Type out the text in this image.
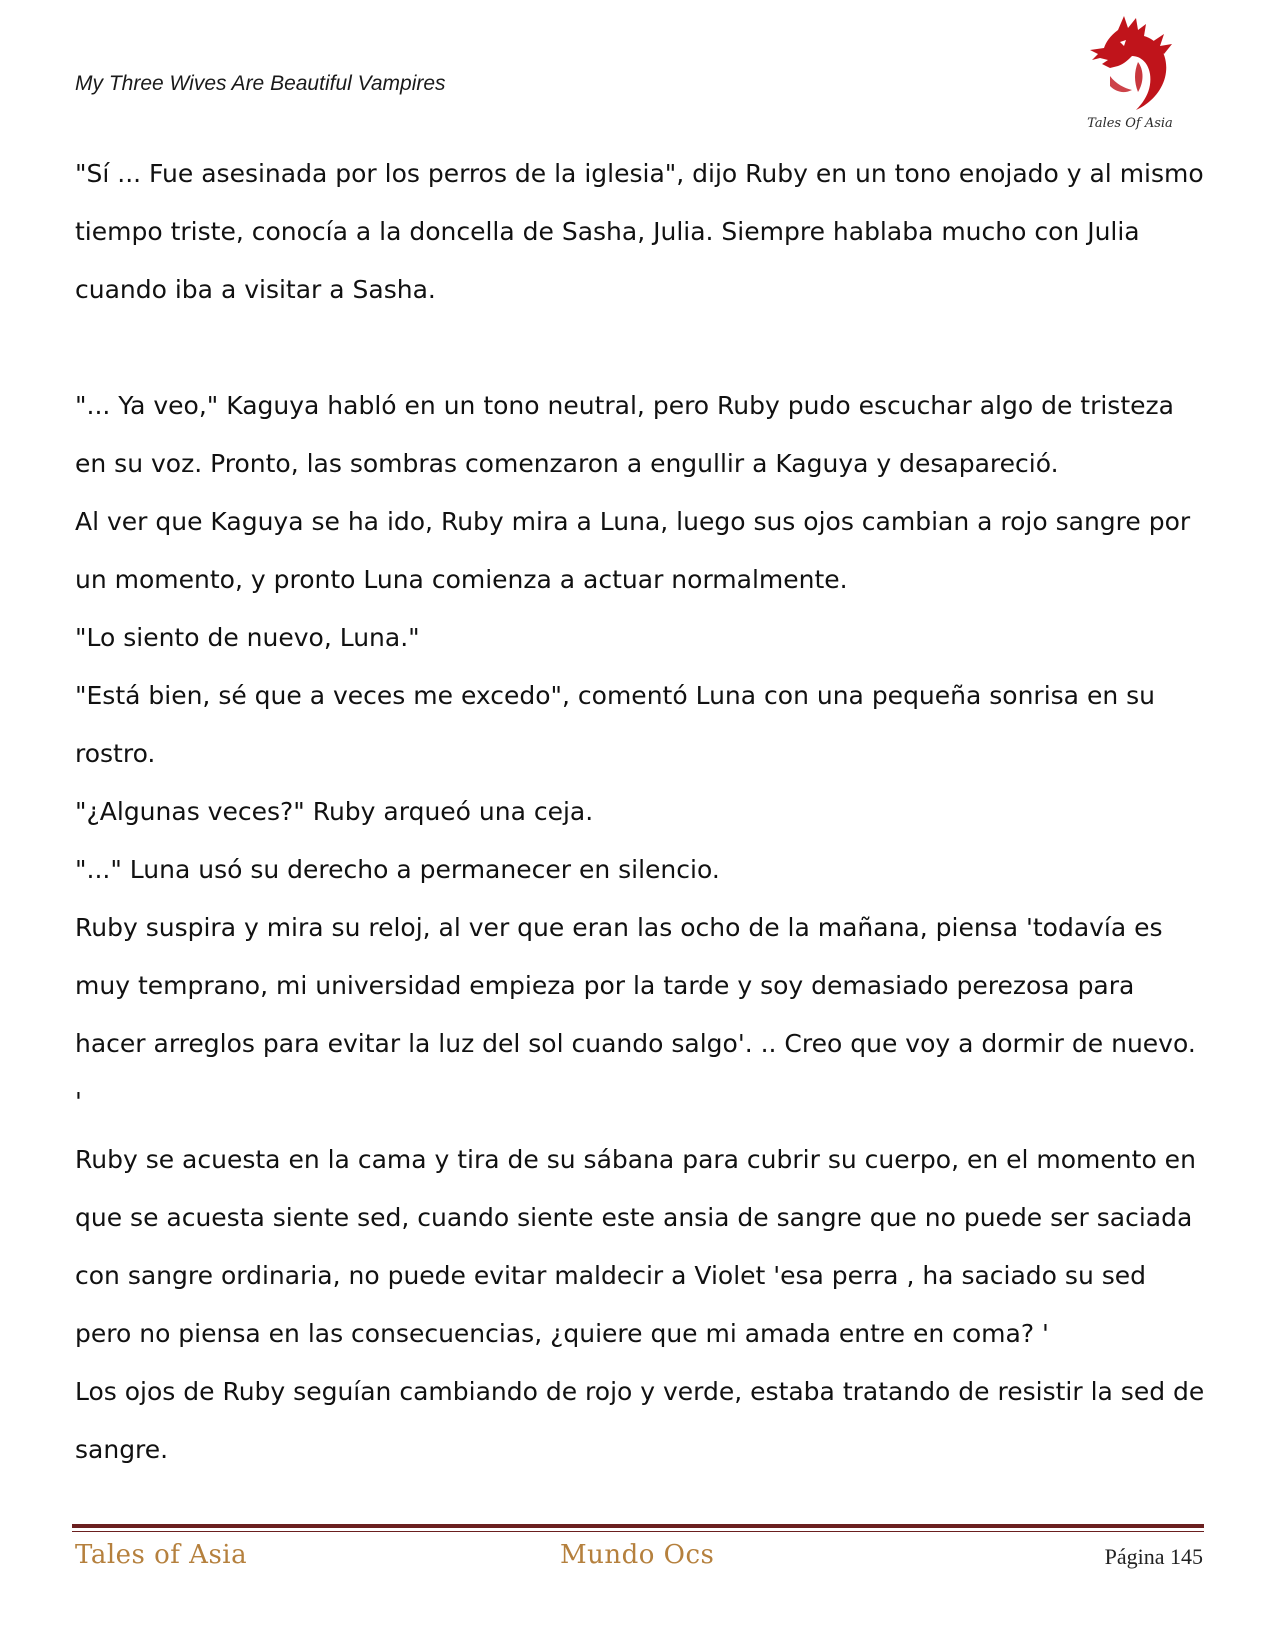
My Three Wives Are Beautiful Vampires
Tales Of Asia

"Sí ... Fue asesinada por los perros de la iglesia", dijo Ruby en un tono enojado y al mismo tiempo triste, conocía a la doncella de Sasha, Julia. Siempre hablaba mucho con Julia cuando iba a visitar a Sasha.

"... Ya veo," Kaguya habló en un tono neutral, pero Ruby pudo escuchar algo de tristeza en su voz. Pronto, las sombras comenzaron a engullir a Kaguya y desapareció.

Al ver que Kaguya se ha ido, Ruby mira a Luna, luego sus ojos cambian a rojo sangre por un momento, y pronto Luna comienza a actuar normalmente.

"Lo siento de nuevo, Luna."

"Está bien, sé que a veces me excedo", comentó Luna con una pequeña sonrisa en su rostro.

"¿Algunas veces?" Ruby arqueó una ceja.

"..." Luna usó su derecho a permanecer en silencio.

Ruby suspira y mira su reloj, al ver que eran las ocho de la mañana, piensa 'todavía es muy temprano, mi universidad empieza por la tarde y soy demasiado perezosa para hacer arreglos para evitar la luz del sol cuando salgo'. .. Creo que voy a dormir de nuevo. '

Ruby se acuesta en la cama y tira de su sábana para cubrir su cuerpo, en el momento en que se acuesta siente sed, cuando siente este ansia de sangre que no puede ser saciada con sangre ordinaria, no puede evitar maldecir a Violet 'esa perra , ha saciado su sed pero no piensa en las consecuencias, ¿quiere que mi amada entre en coma? '

Los ojos de Ruby seguían cambiando de rojo y verde, estaba tratando de resistir la sed de sangre.

Tales of Asia	Mundo Ocs	Página 145
